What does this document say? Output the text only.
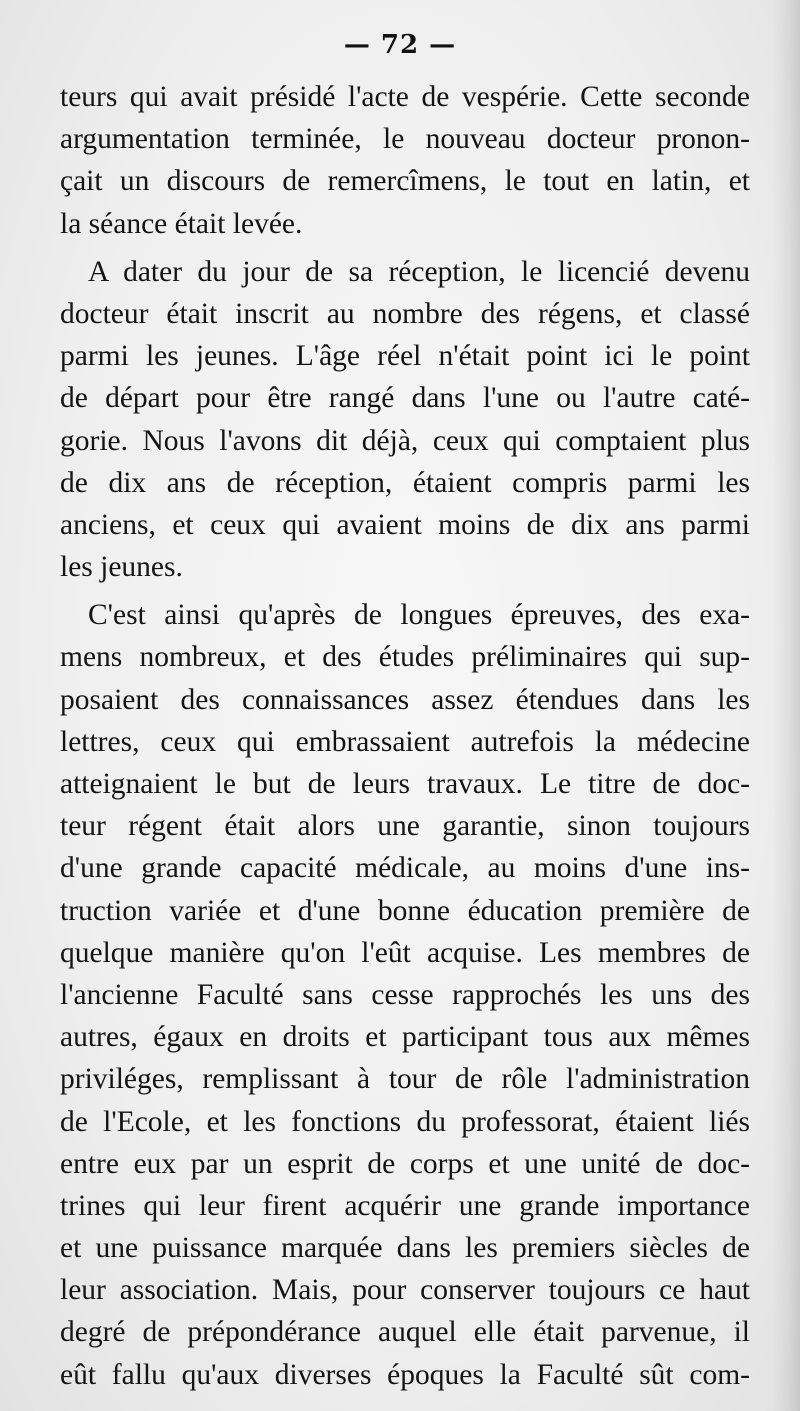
— 72 —
teurs qui avait présidé l'acte de vespérie. Cette seconde
argumentation terminée, le nouveau docteur pronon-
çait un discours de remercîmens, le tout en latin, et
la séance était levée.
A dater du jour de sa réception, le licencié devenu
docteur était inscrit au nombre des régens, et classé
parmi les jeunes. L'âge réel n'était point ici le point
de départ pour être rangé dans l'une ou l'autre caté-
gorie. Nous l'avons dit déjà, ceux qui comptaient plus
de dix ans de réception, étaient compris parmi les
anciens, et ceux qui avaient moins de dix ans parmi
les jeunes.
C'est ainsi qu'après de longues épreuves, des exa-
mens nombreux, et des études préliminaires qui sup-
posaient des connaissances assez étendues dans les
lettres, ceux qui embrassaient autrefois la médecine
atteignaient le but de leurs travaux. Le titre de doc-
teur régent était alors une garantie, sinon toujours
d'une grande capacité médicale, au moins d'une ins-
truction variée et d'une bonne éducation première de
quelque manière qu'on l'eût acquise. Les membres de
l'ancienne Faculté sans cesse rapprochés les uns des
autres, égaux en droits et participant tous aux mêmes
priviléges, remplissant à tour de rôle l'administration
de l'Ecole, et les fonctions du professorat, étaient liés
entre eux par un esprit de corps et une unité de doc-
trines qui leur firent acquérir une grande importance
et une puissance marquée dans les premiers siècles de
leur association. Mais, pour conserver toujours ce haut
degré de prépondérance auquel elle était parvenue, il
eût fallu qu'aux diverses époques la Faculté sût com-
